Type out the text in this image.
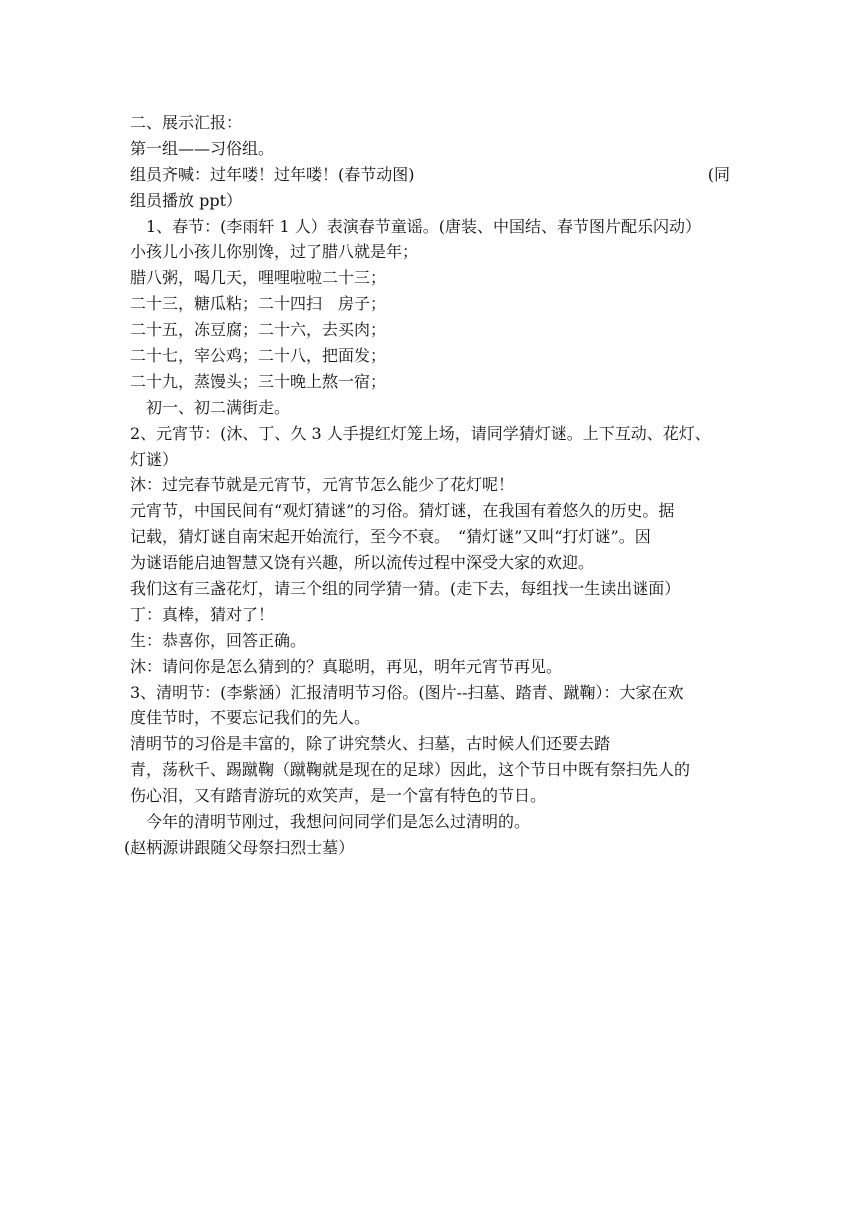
二、展示汇报：
第一组——习俗组。
组员齐喊：过年喽！过年喽！(春节动图)	(同
组员播放 ppt）
1、春节：(李雨轩 1 人）表演春节童谣。(唐装、中国结、春节图片配乐闪动）
小孩儿小孩儿你别馋，过了腊八就是年；
腊八粥，喝几天，哩哩啦啦二十三；
二十三，糖瓜粘；二十四扫　房子；
二十五，冻豆腐；二十六，去买肉；
二十七，宰公鸡；二十八，把面发；
二十九，蒸馒头；三十晚上熬一宿；
初一、初二满街走。
2、元宵节：(沐、丁、久 3 人手提红灯笼上场，请同学猜灯谜。上下互动、花灯、
灯谜）
沐：过完春节就是元宵节，元宵节怎么能少了花灯呢！
元宵节，中国民间有“观灯猜谜”的习俗。猜灯谜，在我国有着悠久的历史。据
记载，猜灯谜自南宋起开始流行，至今不衰。　“猜灯谜”又叫“打灯谜”。因
为谜语能启迪智慧又饶有兴趣，所以流传过程中深受大家的欢迎。
我们这有三盏花灯，请三个组的同学猜一猜。(走下去，每组找一生读出谜面）
丁：真棒，猜对了！
生：恭喜你，回答正确。
沐：请问你是怎么猜到的？真聪明，再见，明年元宵节再见。
3、清明节：(李紫涵）汇报清明节习俗。(图片--扫墓、踏青、蹴鞠）：大家在欢
度佳节时，不要忘记我们的先人。
清明节的习俗是丰富的，除了讲究禁火、扫墓，古时候人们还要去踏
青，荡秋千、踢蹴鞠（蹴鞠就是现在的足球）因此，这个节日中既有祭扫先人的
伤心泪，又有踏青游玩的欢笑声，是一个富有特色的节日。
今年的清明节刚过，我想问问同学们是怎么过清明的。
(赵柄源讲跟随父母祭扫烈士墓）
